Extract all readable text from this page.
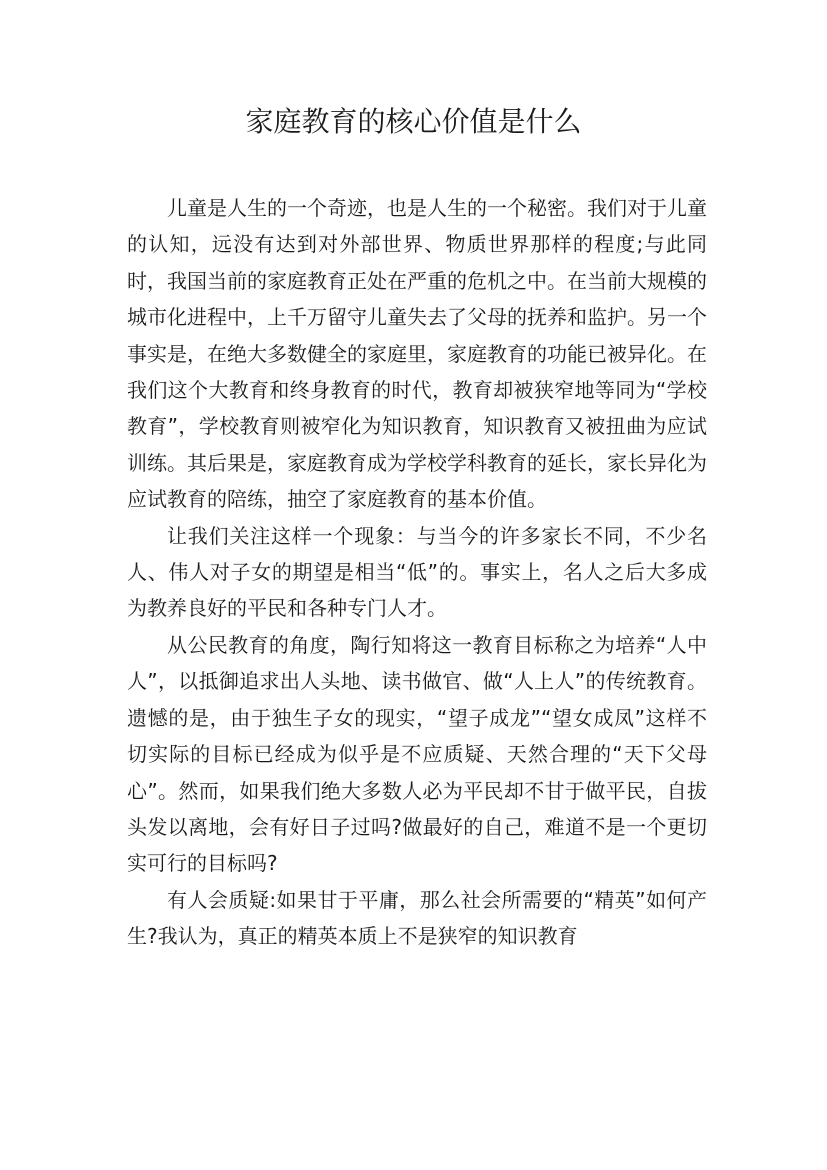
家庭教育的核心价值是什么

儿童是人生的一个奇迹，也是人生的一个秘密。我们对于儿童的认知，远没有达到对外部世界、物质世界那样的程度;与此同时，我国当前的家庭教育正处在严重的危机之中。在当前大规模的城市化进程中，上千万留守儿童失去了父母的抚养和监护。另一个事实是，在绝大多数健全的家庭里，家庭教育的功能已被异化。在我们这个大教育和终身教育的时代，教育却被狭窄地等同为“学校教育”，学校教育则被窄化为知识教育，知识教育又被扭曲为应试训练。其后果是，家庭教育成为学校学科教育的延长，家长异化为应试教育的陪练，抽空了家庭教育的基本价值。

让我们关注这样一个现象：与当今的许多家长不同，不少名人、伟人对子女的期望是相当“低”的。事实上，名人之后大多成为教养良好的平民和各种专门人才。

从公民教育的角度，陶行知将这一教育目标称之为培养“人中人”，以抵御追求出人头地、读书做官、做“人上人”的传统教育。遗憾的是，由于独生子女的现实，“望子成龙”“望女成凤”这样不切实际的目标已经成为似乎是不应质疑、天然合理的“天下父母心”。然而，如果我们绝大多数人必为平民却不甘于做平民，自拔头发以离地，会有好日子过吗?做最好的自己，难道不是一个更切实可行的目标吗?

有人会质疑:如果甘于平庸，那么社会所需要的“精英”如何产生?我认为，真正的精英本质上不是狭窄的知识教育
